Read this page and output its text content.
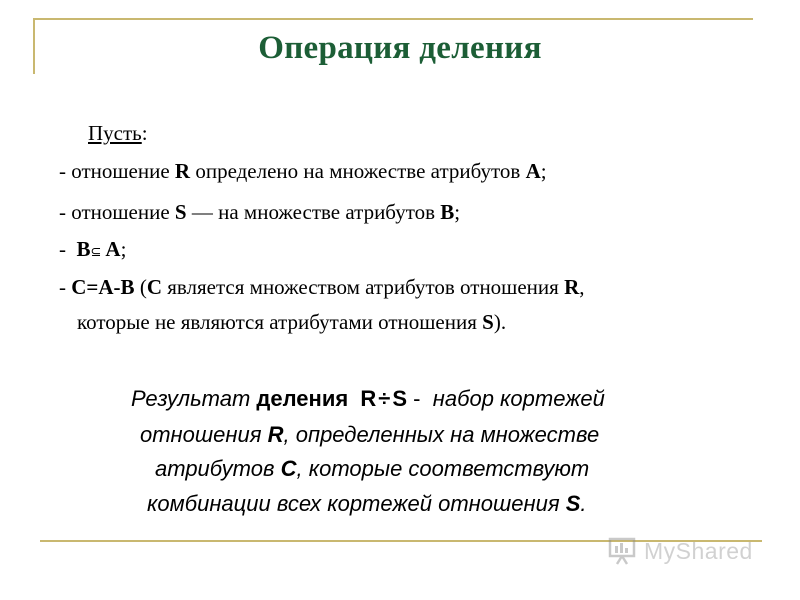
Операция деления
Пусть:
- отношение R определено на множестве атрибутов A;
- отношение S — на множестве атрибутов B;
-  B⊆ A;
- C=A-B (C является множеством атрибутов отношения R,
которые не являются атрибутами отношения S).
Результат деления  R÷S -  набор кортежей
отношения R, определенных на множестве
атрибутов C, которые соответствуют
комбинации всех кортежей отношения S.
MyShared
